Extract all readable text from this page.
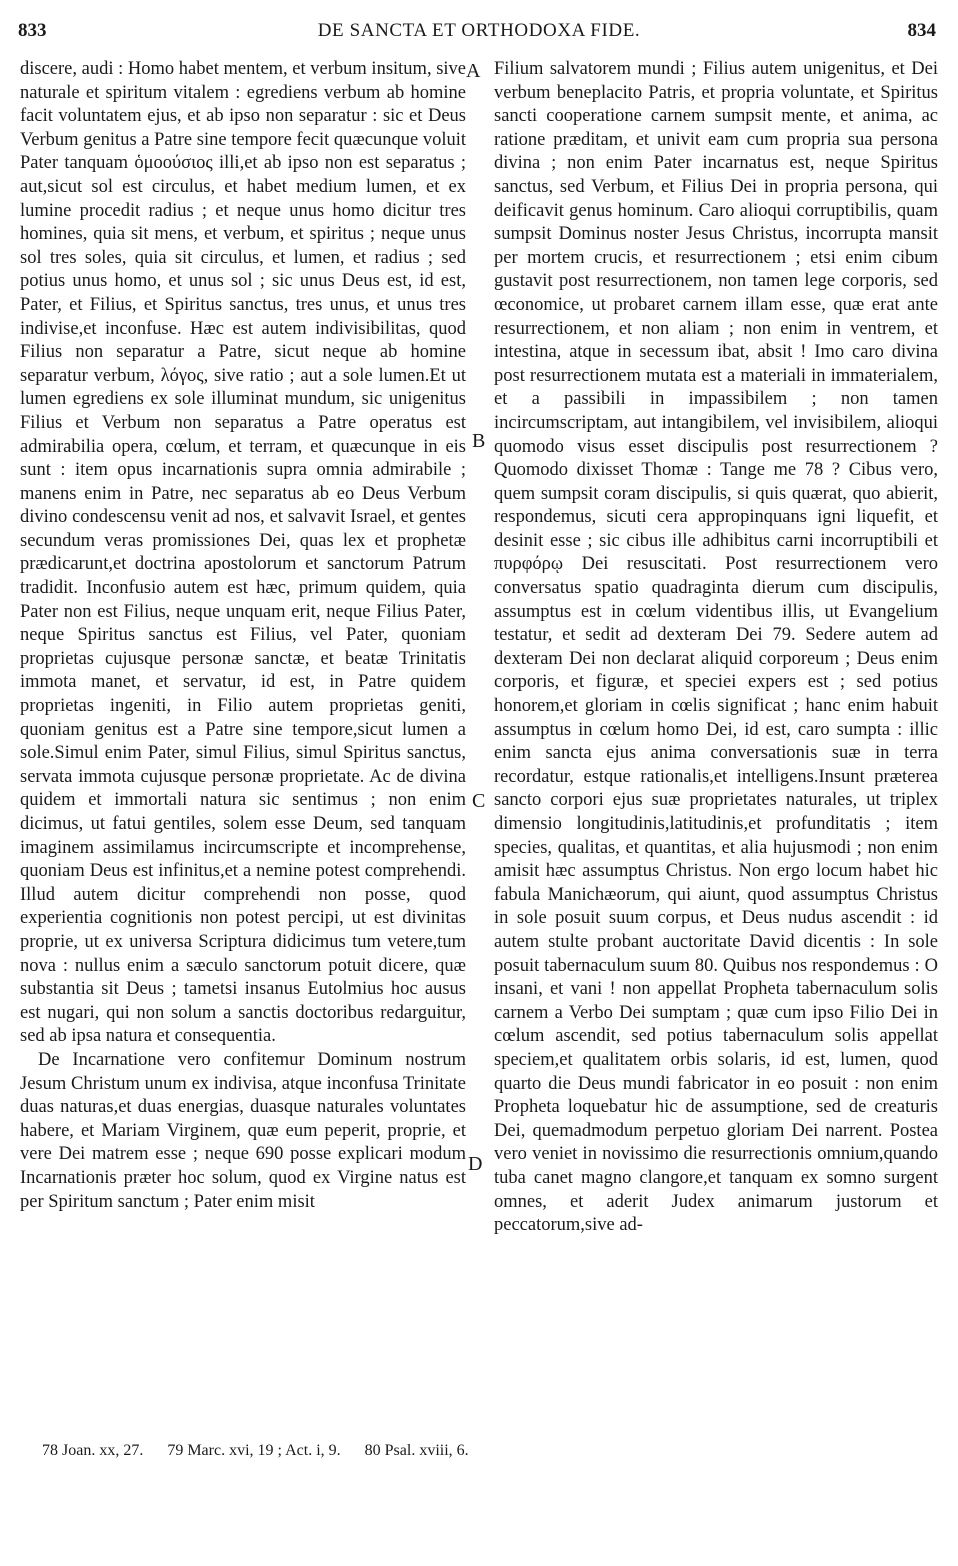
833	DE SANCTA ET ORTHODOXA FIDE.	834

discere, audi : Homo habet mentem, et verbum insitum, sive naturale et spiritum vitalem : egrediens verbum ab homine facit voluntatem ejus, et ab ipso non separatur : sic et Deus Verbum genitus a Patre sine tempore fecit quæcunque voluit Pater tanquam ὁμοούσιος illi,et ab ipso non est separatus ; aut,sicut sol est circulus, et habet medium lumen, et ex lumine procedit radius ; et neque unus homo dicitur tres homines, quia sit mens, et verbum, et spiritus ; neque unus sol tres soles, quia sit circulus, et lumen, et radius ; sed potius unus homo, et unus sol ; sic unus Deus est, id est, Pater, et Filius, et Spiritus sanctus, tres unus, et unus tres indivise,et inconfuse. Hæc est autem indivisibilitas, quod Filius non separatur a Patre, sicut neque ab homine separatur verbum, λόγος, sive ratio ; aut a sole lumen.Et ut lumen egrediens ex sole illuminat mundum, sic unigenitus Filius et Verbum non separatus a Patre operatus est admirabilia opera, cœlum, et terram, et quæcunque in eis sunt : item opus incarnationis supra omnia admirabile ; manens enim in Patre, nec separatus ab eo Deus Verbum divino condescensu venit ad nos, et salvavit Israel, et gentes secundum veras promissiones Dei, quas lex et prophetæ prædicarunt,et doctrina apostolorum et sanctorum Patrum tradidit. Inconfusio autem est hæc, primum quidem, quia Pater non est Filius, neque unquam erit, neque Filius Pater, neque Spiritus sanctus est Filius, vel Pater, quoniam proprietas cujusque personæ sanctæ, et beatæ Trinitatis immota manet, et servatur, id est, in Patre quidem proprietas ingeniti, in Filio autem proprietas geniti, quoniam genitus est a Patre sine tempore,sicut lumen a sole.Simul enim Pater, simul Filius, simul Spiritus sanctus, servata immota cujusque personæ proprietate. Ac de divina quidem et immortali natura sic sentimus ; non enim dicimus, ut fatui gentiles, solem esse Deum, sed tanquam imaginem assimilamus incircumscripte et incomprehense, quoniam Deus est infinitus,et a nemine potest comprehendi. Illud autem dicitur comprehendi non posse, quod experientia cognitionis non potest percipi, ut est divinitas proprie, ut ex universa Scriptura didicimus tum vetere,tum nova : nullus enim a sæculo sanctorum potuit dicere, quæ substantia sit Deus ; tametsi insanus Eutolmius hoc ausus est nugari, qui non solum a sanctis doctoribus redarguitur, sed ab ipsa natura et consequentia.

De Incarnatione vero confitemur Dominum nostrum Jesum Christum unum ex indivisa, atque inconfusa Trinitate duas naturas,et duas energias, duasque naturales voluntates habere, et Mariam Virginem, quæ eum peperit, proprie, et vere Dei matrem esse ; neque 690 posse explicari modum Incarnationis præter hoc solum, quod ex Virgine natus est per Spiritum sanctum ; Pater enim misit

A
B
C
D

Filium salvatorem mundi ; Filius autem unigenitus, et Dei verbum beneplacito Patris, et propria voluntate, et Spiritus sancti cooperatione carnem sumpsit mente, et anima, ac ratione præditam, et univit eam cum propria sua persona divina ; non enim Pater incarnatus est, neque Spiritus sanctus, sed Verbum, et Filius Dei in propria persona, qui deificavit genus hominum. Caro alioqui corruptibilis, quam sumpsit Dominus noster Jesus Christus, incorrupta mansit per mortem crucis, et resurrectionem ; etsi enim cibum gustavit post resurrectionem, non tamen lege corporis, sed œconomice, ut probaret carnem illam esse, quæ erat ante resurrectionem, et non aliam ; non enim in ventrem, et intestina, atque in secessum ibat, absit ! Imo caro divina post resurrectionem mutata est a materiali in immaterialem, et a passibili in impassibilem ; non tamen incircumscriptam, aut intangibilem, vel invisibilem, alioqui quomodo visus esset discipulis post resurrectionem ? Quomodo dixisset Thomæ : Tange me 78 ? Cibus vero, quem sumpsit coram discipulis, si quis quærat, quo abierit, respondemus, sicuti cera appropinquans igni liquefit, et desinit esse ; sic cibus ille adhibitus carni incorruptibili et πυρφόρῳ Dei resuscitati. Post resurrectionem vero conversatus spatio quadraginta dierum cum discipulis, assumptus est in cœlum videntibus illis, ut Evangelium testatur, et sedit ad dexteram Dei 79. Sedere autem ad dexteram Dei non declarat aliquid corporeum ; Deus enim corporis, et figuræ, et speciei expers est ; sed potius honorem,et gloriam in cœlis significat ; hanc enim habuit assumptus in cœlum homo Dei, id est, caro sumpta : illic enim sancta ejus anima conversationis suæ in terra recordatur, estque rationalis,et intelligens.Insunt præterea sancto corpori ejus suæ proprietates naturales, ut triplex dimensio longitudinis,latitudinis,et profunditatis ; item species, qualitas, et quantitas, et alia hujusmodi ; non enim amisit hæc assumptus Christus. Non ergo locum habet hic fabula Manichæorum, qui aiunt, quod assumptus Christus in sole posuit suum corpus, et Deus nudus ascendit : id autem stulte probant auctoritate David dicentis : In sole posuit tabernaculum suum 80. Quibus nos respondemus : O insani, et vani ! non appellat Propheta tabernaculum solis carnem a Verbo Dei sumptam ; quæ cum ipso Filio Dei in cœlum ascendit, sed potius tabernaculum solis appellat speciem,et qualitatem orbis solaris, id est, lumen, quod quarto die Deus mundi fabricator in eo posuit : non enim Propheta loquebatur hic de assumptione, sed de creaturis Dei, quemadmodum perpetuo gloriam Dei narrent. Postea vero veniet in novissimo die resurrectionis omnium,quando tuba canet magno clangore,et tanquam ex somno surgent omnes, et aderit Judex animarum justorum et peccatorum,sive ad-

78 Joan. xx, 27. 79 Marc. xvi, 19 ; Act. i, 9. 80 Psal. xviii, 6.
